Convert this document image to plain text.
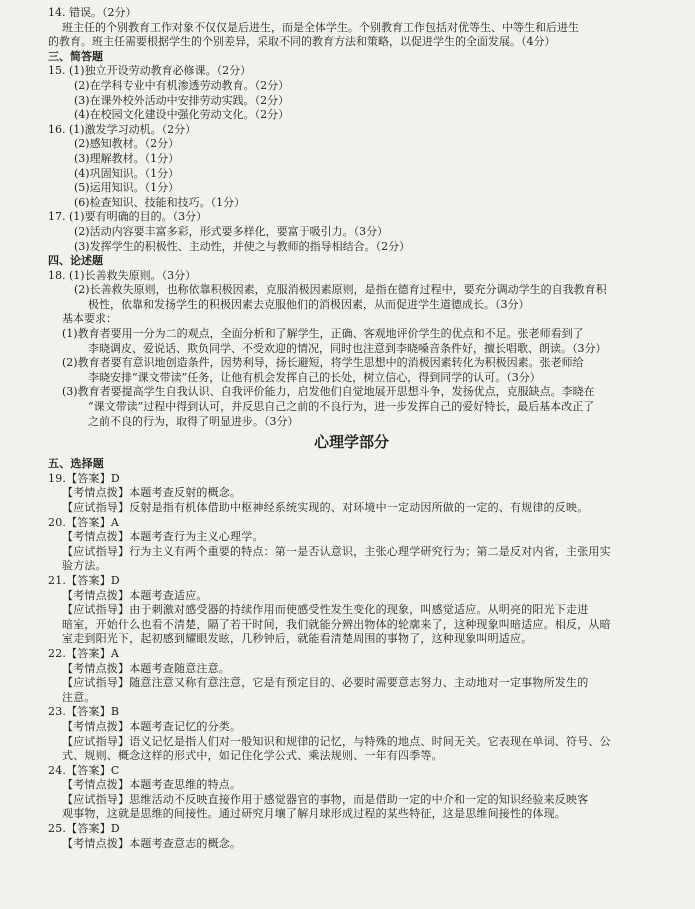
14. 错误。（2分）
班主任的个别教育工作对象不仅仅是后进生，而是全体学生。个别教育工作包括对优等生、中等生和后进生
的教育。班主任需要根据学生的个别差异，采取不同的教育方法和策略，以促进学生的全面发展。（4分）
三、简答题
15. (1)独立开设劳动教育必修课。（2分）
(2)在学科专业中有机渗透劳动教育。（2分）
(3)在课外校外活动中安排劳动实践。（2分）
(4)在校园文化建设中强化劳动文化。（2分）
16. (1)激发学习动机。（2分）
(2)感知教材。（2分）
(3)理解教材。（1分）
(4)巩固知识。（1分）
(5)运用知识。（1分）
(6)检查知识、技能和技巧。（1分）
17. (1)要有明确的目的。（3分）
(2)活动内容要丰富多彩，形式要多样化，要富于吸引力。（3分）
(3)发挥学生的积极性、主动性，并使之与教师的指导相结合。（2分）
四、论述题
18. (1)长善救失原则。（3分）
(2)长善救失原则，也称依靠积极因素，克服消极因素原则，是指在德育过程中，要充分调动学生的自我教育积
极性，依靠和发扬学生的积极因素去克服他们的消极因素，从而促进学生道德成长。（3分）
基本要求：
(1)教育者要用一分为二的观点，全面分析和了解学生，正确、客观地评价学生的优点和不足。张老师看到了
李晓调皮、爱说话、欺负同学、不受欢迎的情况，同时也注意到李晓嗓音条件好，擅长唱歌、朗读。（3分）
(2)教育者要有意识地创造条件，因势利导，扬长避短，将学生思想中的消极因素转化为积极因素。张老师给
李晓安排“课文带读”任务，让他有机会发挥自己的长处，树立信心，得到同学的认可。（3分）
(3)教育者要提高学生自我认识、自我评价能力，启发他们自觉地展开思想斗争，发扬优点，克服缺点。李晓在
“课文带读”过程中得到认可，并反思自己之前的不良行为，进一步发挥自己的爱好特长，最后基本改正了
之前不良的行为，取得了明显进步。（3分）
心理学部分
五、选择题
19.【答案】D
【考情点拨】本题考查反射的概念。
【应试指导】反射是指有机体借助中枢神经系统实现的、对环境中一定动因所做的一定的、有规律的反映。
20.【答案】A
【考情点拨】本题考查行为主义心理学。
【应试指导】行为主义有两个重要的特点：第一是否认意识，主张心理学研究行为；第二是反对内省，主张用实
验方法。
21.【答案】D
【考情点拨】本题考查适应。
【应试指导】由于刺激对感受器的持续作用而使感受性发生变化的现象，叫感觉适应。从明亮的阳光下走进
暗室，开始什么也看不清楚，隔了若干时间，我们就能分辨出物体的轮廓来了，这种现象叫暗适应。相反，从暗
室走到阳光下，起初感到耀眼发眩，几秒钟后，就能看清楚周围的事物了，这种现象叫明适应。
22.【答案】A
【考情点拨】本题考查随意注意。
【应试指导】随意注意又称有意注意，它是有预定目的、必要时需要意志努力、主动地对一定事物所发生的
注意。
23.【答案】B
【考情点拨】本题考查记忆的分类。
【应试指导】语义记忆是指人们对一般知识和规律的记忆，与特殊的地点、时间无关。它表现在单词、符号、公
式、规则、概念这样的形式中，如记住化学公式、乘法规则、一年有四季等。
24.【答案】C
【考情点拨】本题考查思维的特点。
【应试指导】思维活动不反映直接作用于感觉器官的事物，而是借助一定的中介和一定的知识经验来反映客
观事物，这就是思维的间接性。通过研究月壤了解月球形成过程的某些特征，这是思维间接性的体现。
25.【答案】D
【考情点拨】本题考查意志的概念。
